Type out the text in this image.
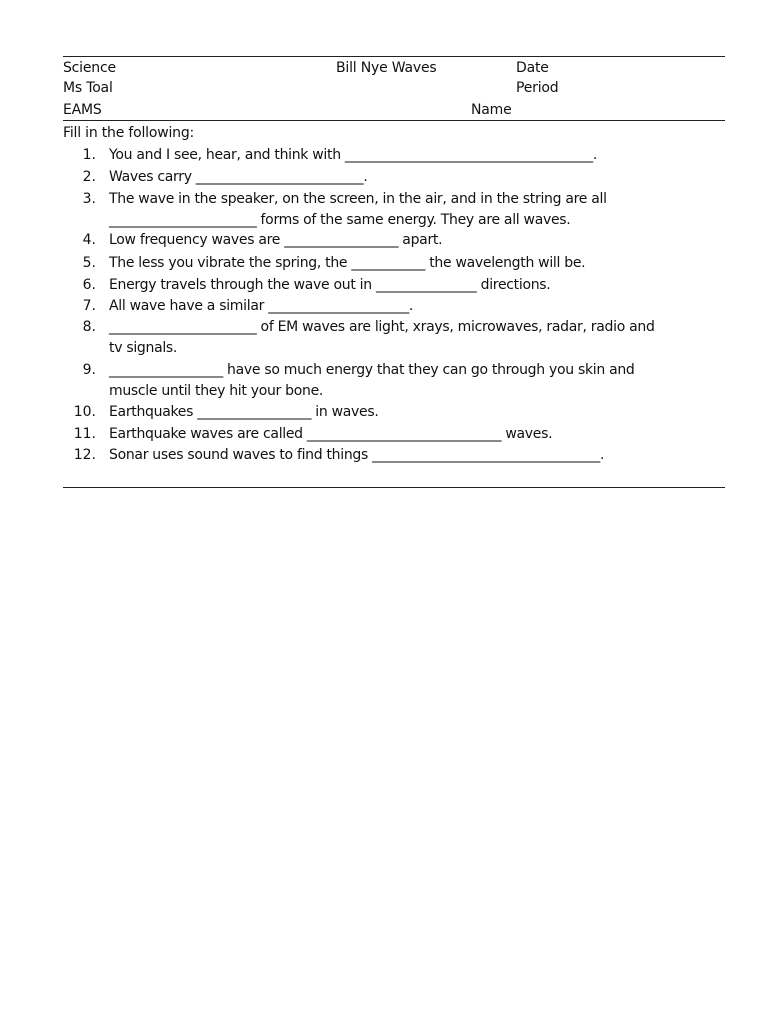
Science
Ms Toal
EAMS
Bill Nye Waves	Date
Period
Name
Fill in the following:
1. You and I see, hear, and think with _____________________________________.
2. Waves carry _________________________.
3. The wave in the speaker, on the screen, in the air, and in the string are all
______________________ forms of the same energy. They are all waves.
4. Low frequency waves are _________________ apart.
5. The less you vibrate the spring, the ___________ the wavelength will be.
6. Energy travels through the wave out in _______________ directions.
7. All wave have a similar _____________________.
8. ______________________ of EM waves are light, xrays, microwaves, radar, radio and
tv signals.
9. _________________ have so much energy that they can go through you skin and
muscle until they hit your bone.
10. Earthquakes _________________ in waves.
11. Earthquake waves are called _____________________________ waves.
12. Sonar uses sound waves to find things __________________________________.
